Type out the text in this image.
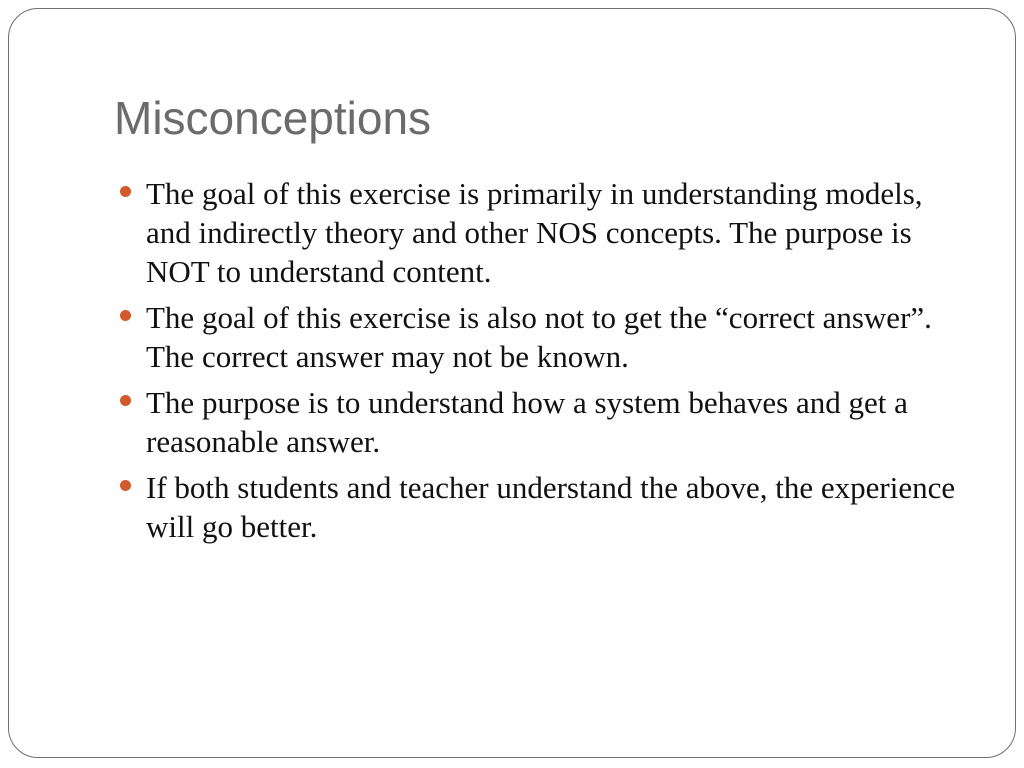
Misconceptions
The goal of this exercise is primarily in understanding models, and indirectly theory and other NOS concepts. The purpose is NOT to understand content.
The goal of this exercise is also not to get the “correct answer”. The correct answer may not be known.
The purpose is to understand how a system behaves and get a reasonable answer.
If both students and teacher understand the above, the experience will go better.
